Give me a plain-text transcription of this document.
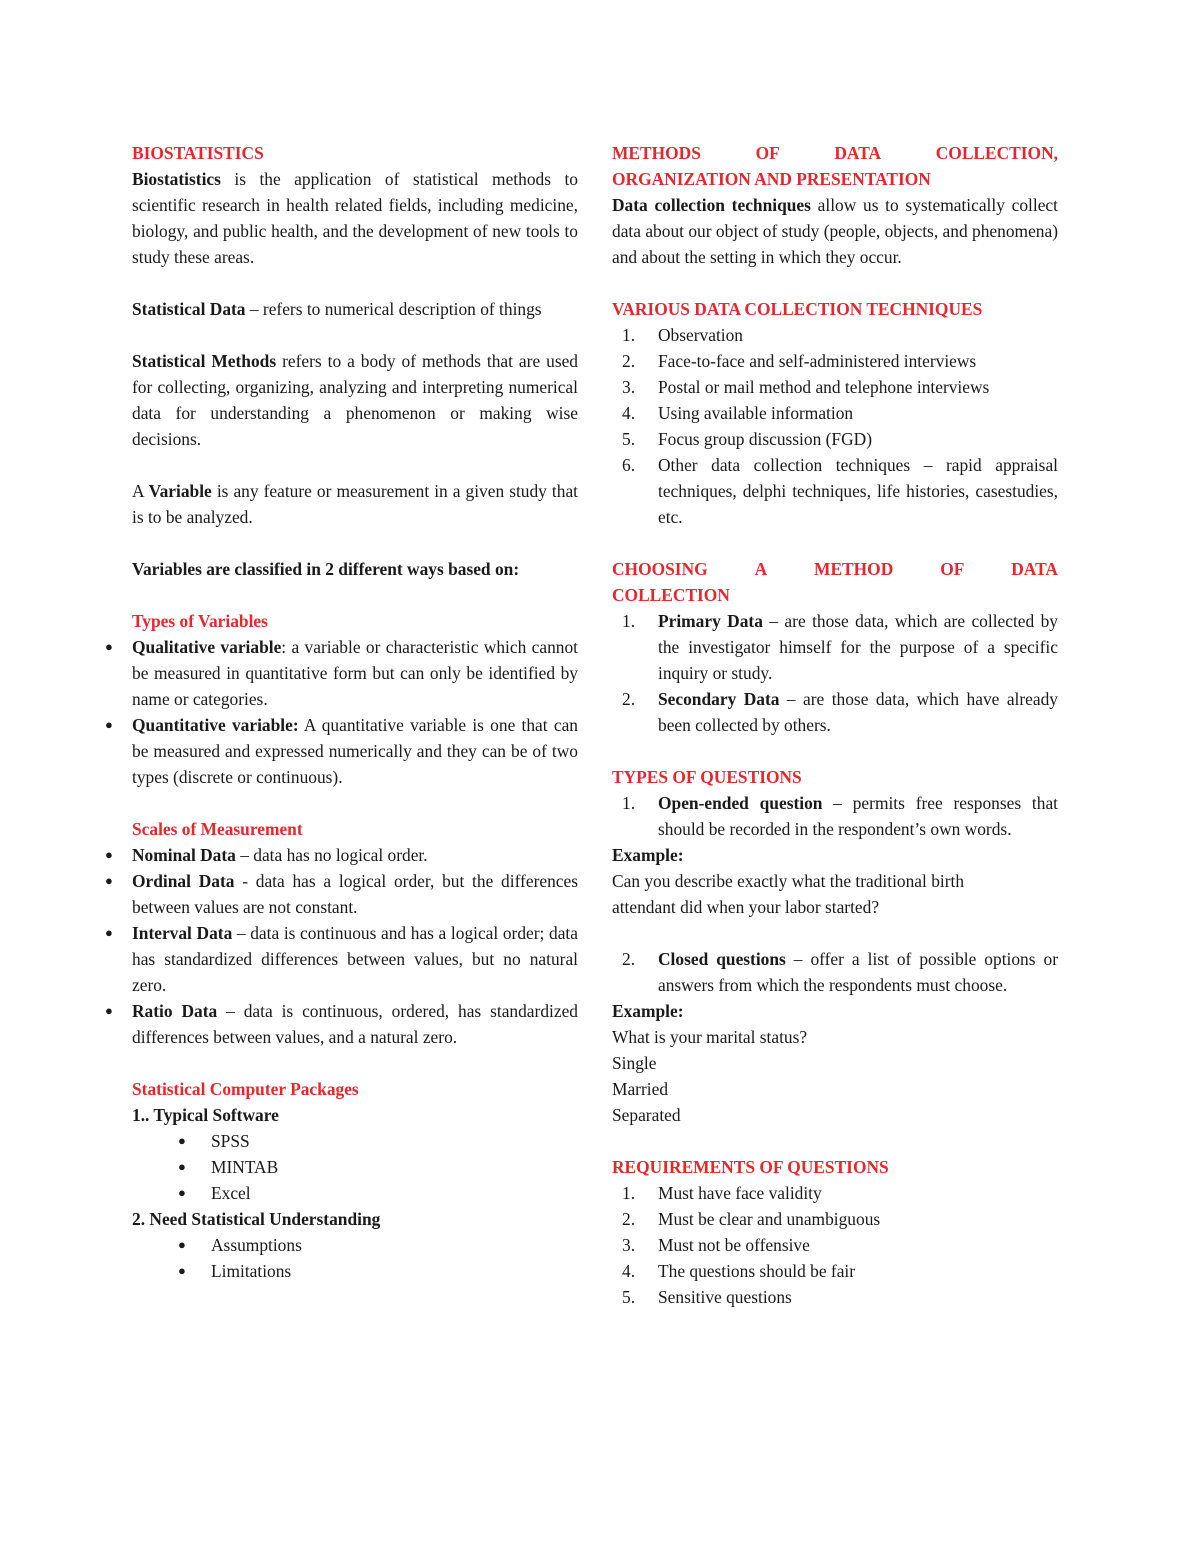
BIOSTATISTICS

Biostatistics is the application of statistical methods to scientific research in health related fields, including medicine, biology, and public health, and the development of new tools to study these areas.

Statistical Data – refers to numerical description of things

Statistical Methods refers to a body of methods that are used for collecting, organizing, analyzing and interpreting numerical data for understanding a phenomenon or making wise decisions.

A Variable is any feature or measurement in a given study that is to be analyzed.

Variables are classified in 2 different ways based on:

Types of Variables

● Qualitative variable: a variable or characteristic which cannot be measured in quantitative form but can only be identified by name or categories.
● Quantitative variable: A quantitative variable is one that can be measured and expressed numerically and they can be of two types (discrete or continuous).

Scales of Measurement

● Nominal Data – data has no logical order.
● Ordinal Data - data has a logical order, but the differences between values are not constant.
● Interval Data – data is continuous and has a logical order; data has standardized differences between values, but no natural zero.
● Ratio Data – data is continuous, ordered, has standardized differences between values, and a natural zero.

Statistical Computer Packages

1.. Typical Software

● SPSS
● MINTAB
● Excel

2. Need Statistical Understanding

● Assumptions
● Limitations

METHODS	OF	DATA	COLLECTION,

ORGANIZATION AND PRESENTATION

Data collection techniques allow us to systematically collect data about our object of study (people, objects, and phenomena) and about the setting in which they occur.

VARIOUS DATA COLLECTION TECHNIQUES

1. Observation
2. Face-to-face and self-administered interviews
3. Postal or mail method and telephone interviews
4. Using available information
5. Focus group discussion (FGD)
6. Other data collection techniques – rapid appraisal techniques, delphi techniques, life histories, casestudies, etc.

CHOOSING	A	METHOD	OF	DATA

COLLECTION

1. Primary Data – are those data, which are collected by the investigator himself for the purpose of a specific inquiry or study.
2. Secondary Data – are those data, which have already been collected by others.

TYPES OF QUESTIONS

1. Open-ended question – permits free responses that should be recorded in the respondent’s own words.

Example:

Can you describe exactly what the traditional birth attendant did when your labor started?

2. Closed questions – offer a list of possible options or answers from which the respondents must choose.

Example:

What is your marital status?

Single

Married

Separated

REQUIREMENTS OF QUESTIONS

1. Must have face validity
2. Must be clear and unambiguous
3. Must not be offensive
4. The questions should be fair
5. Sensitive questions
